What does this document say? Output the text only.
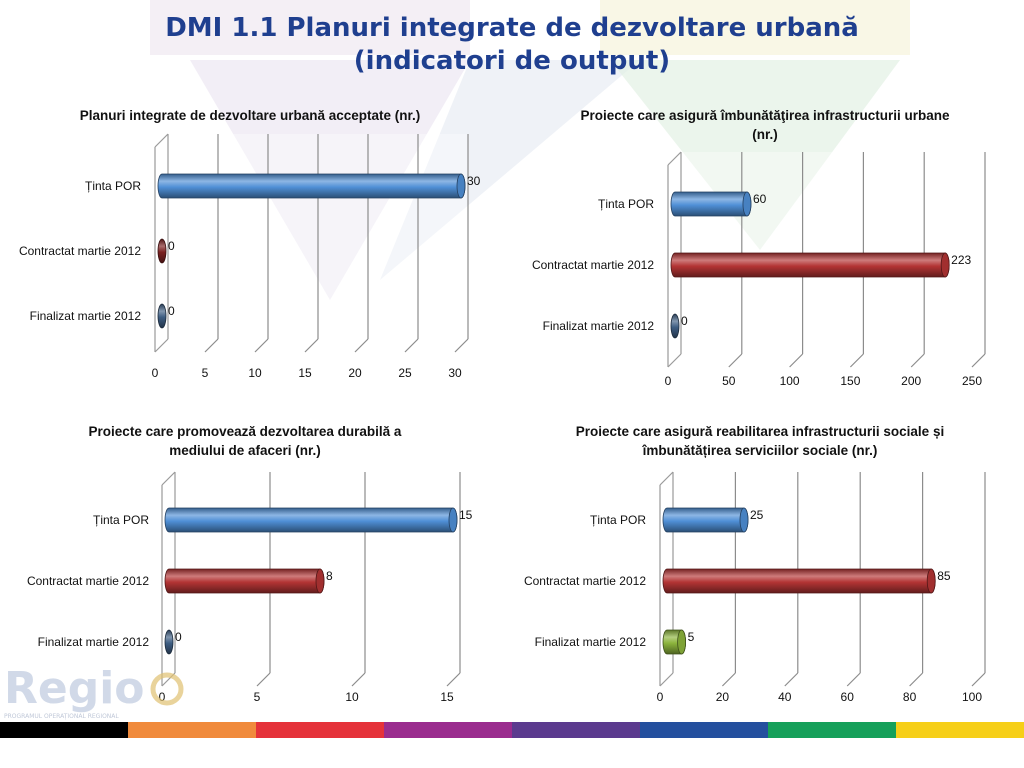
DMI 1.1 Planuri integrate de dezvoltare urbană
(indicatori de output)
Planuri integrate de dezvoltare urbană acceptate (nr.)	Proiecte care asigură îmbunătăţirea infrastructurii urbane (nr.)
Proiecte care promovează dezvoltarea durabilă a mediului de afaceri (nr.)
Proiecte care asigură reabilitarea infrastructurii sociale și îmbunătățirea serviciilor sociale (nr.)
0	5	10	15	20	25	30
Ținta POR	30
Contractat martie 2012 0
Finalizat martie 2012 0
0	50	100	150	200	250
Ținta POR	60
Contractat martie 2012	223
Finalizat martie 2012 0
0	5	10	15
Ținta POR	15
Contractat martie 2012	8
Finalizat martie 2012 0
0	20	40	60	80	100
Ținta POR	25
Contractat martie 2012	85
Finalizat martie 2012	5
Regio
PROGRAMUL OPERAȚIONAL REGIONAL
